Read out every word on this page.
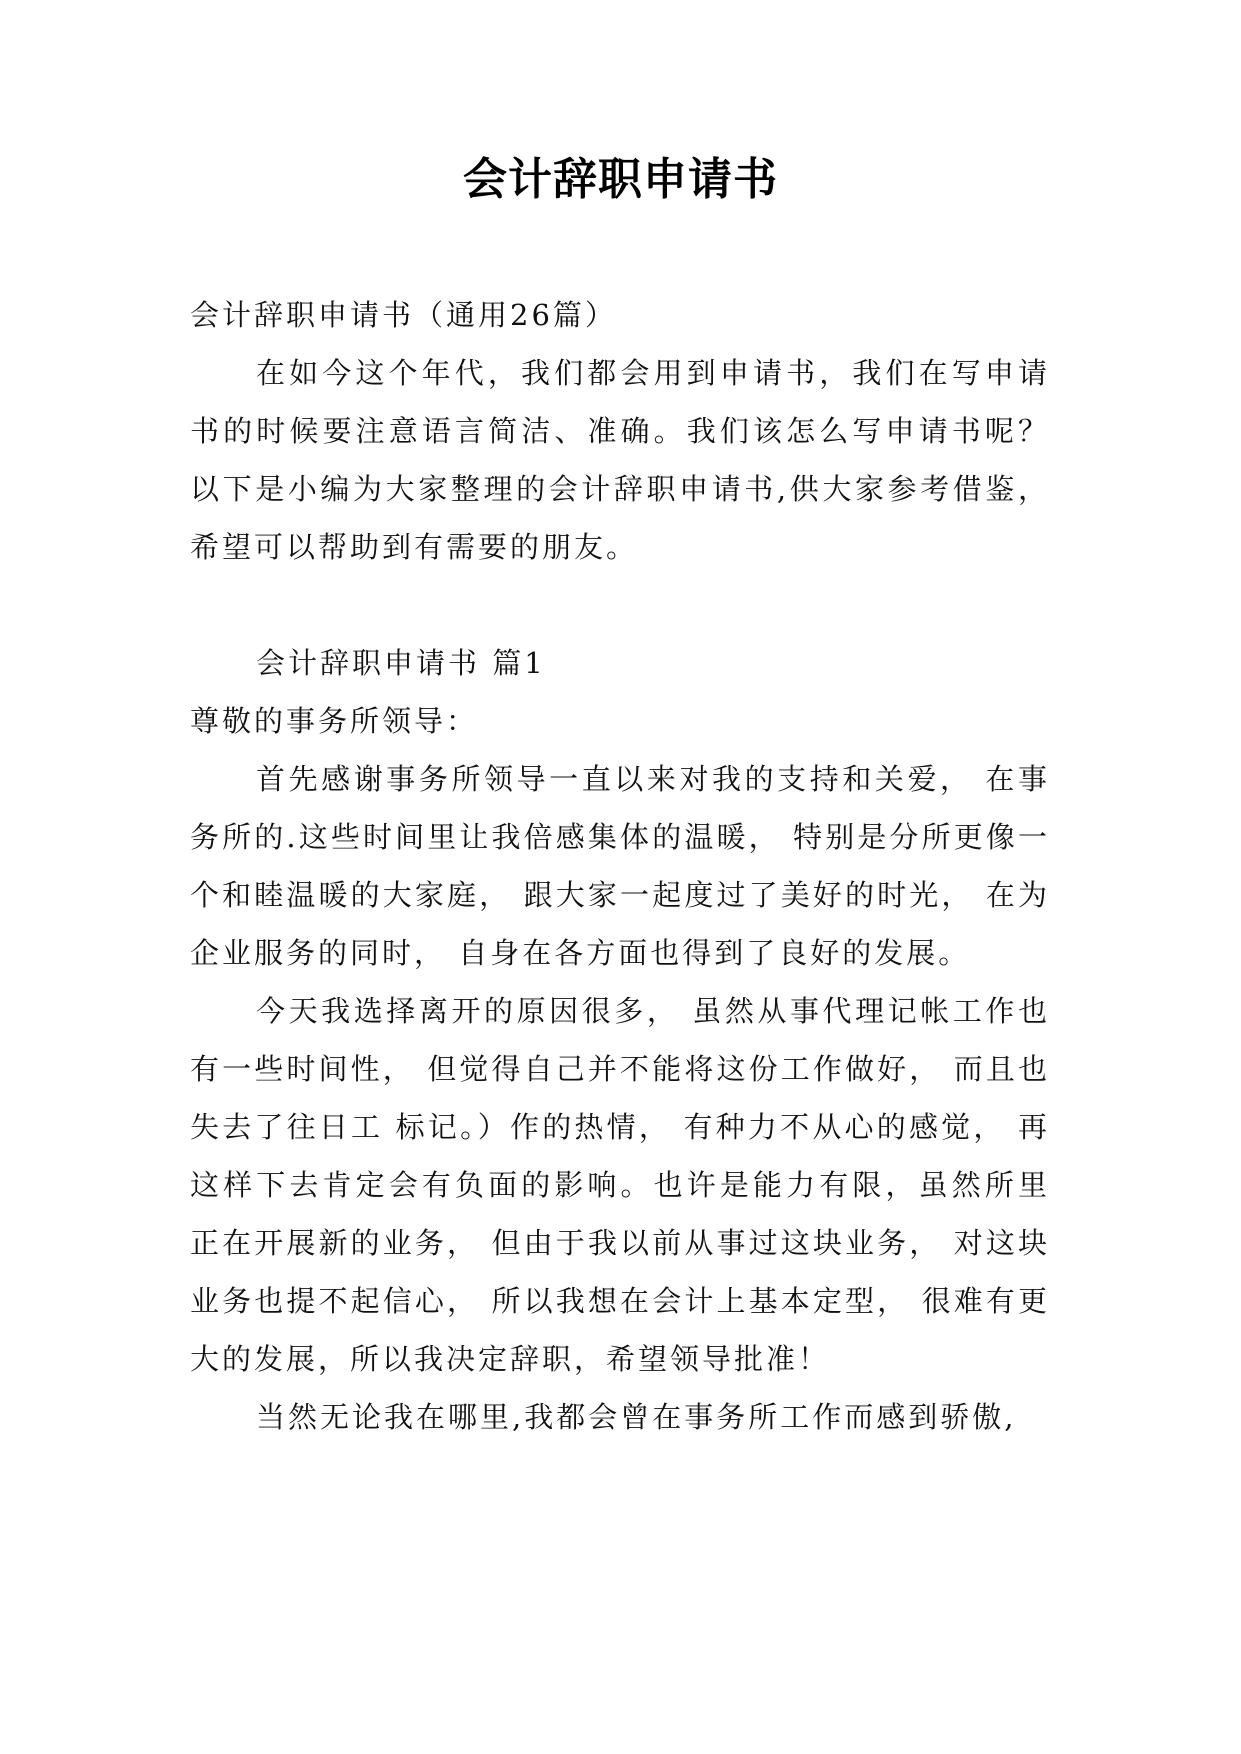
会计辞职申请书

会计辞职申请书（通用26篇）

在如今这个年代，我们都会用到申请书，我们在写申请书的时候要注意语言简洁、准确。我们该怎么写申请书呢？以下是小编为大家整理的会计辞职申请书,供大家参考借鉴，希望可以帮助到有需要的朋友。

会计辞职申请书 篇1

尊敬的事务所领导：

首先感谢事务所领导一直以来对我的支持和关爱， 在事务所的.这些时间里让我倍感集体的温暖， 特别是分所更像一个和睦温暖的大家庭， 跟大家一起度过了美好的时光， 在为企业服务的同时， 自身在各方面也得到了良好的发展。

今天我选择离开的原因很多， 虽然从事代理记帐工作也有一些时间性， 但觉得自己并不能将这份工作做好， 而且也失去了往日工 标记。）作的热情， 有种力不从心的感觉， 再这样下去肯定会有负面的影响。也许是能力有限，虽然所里正在开展新的业务， 但由于我以前从事过这块业务， 对这块业务也提不起信心， 所以我想在会计上基本定型， 很难有更大的发展，所以我决定辞职，希望领导批准！

当然无论我在哪里,我都会曾在事务所工作而感到骄傲,
